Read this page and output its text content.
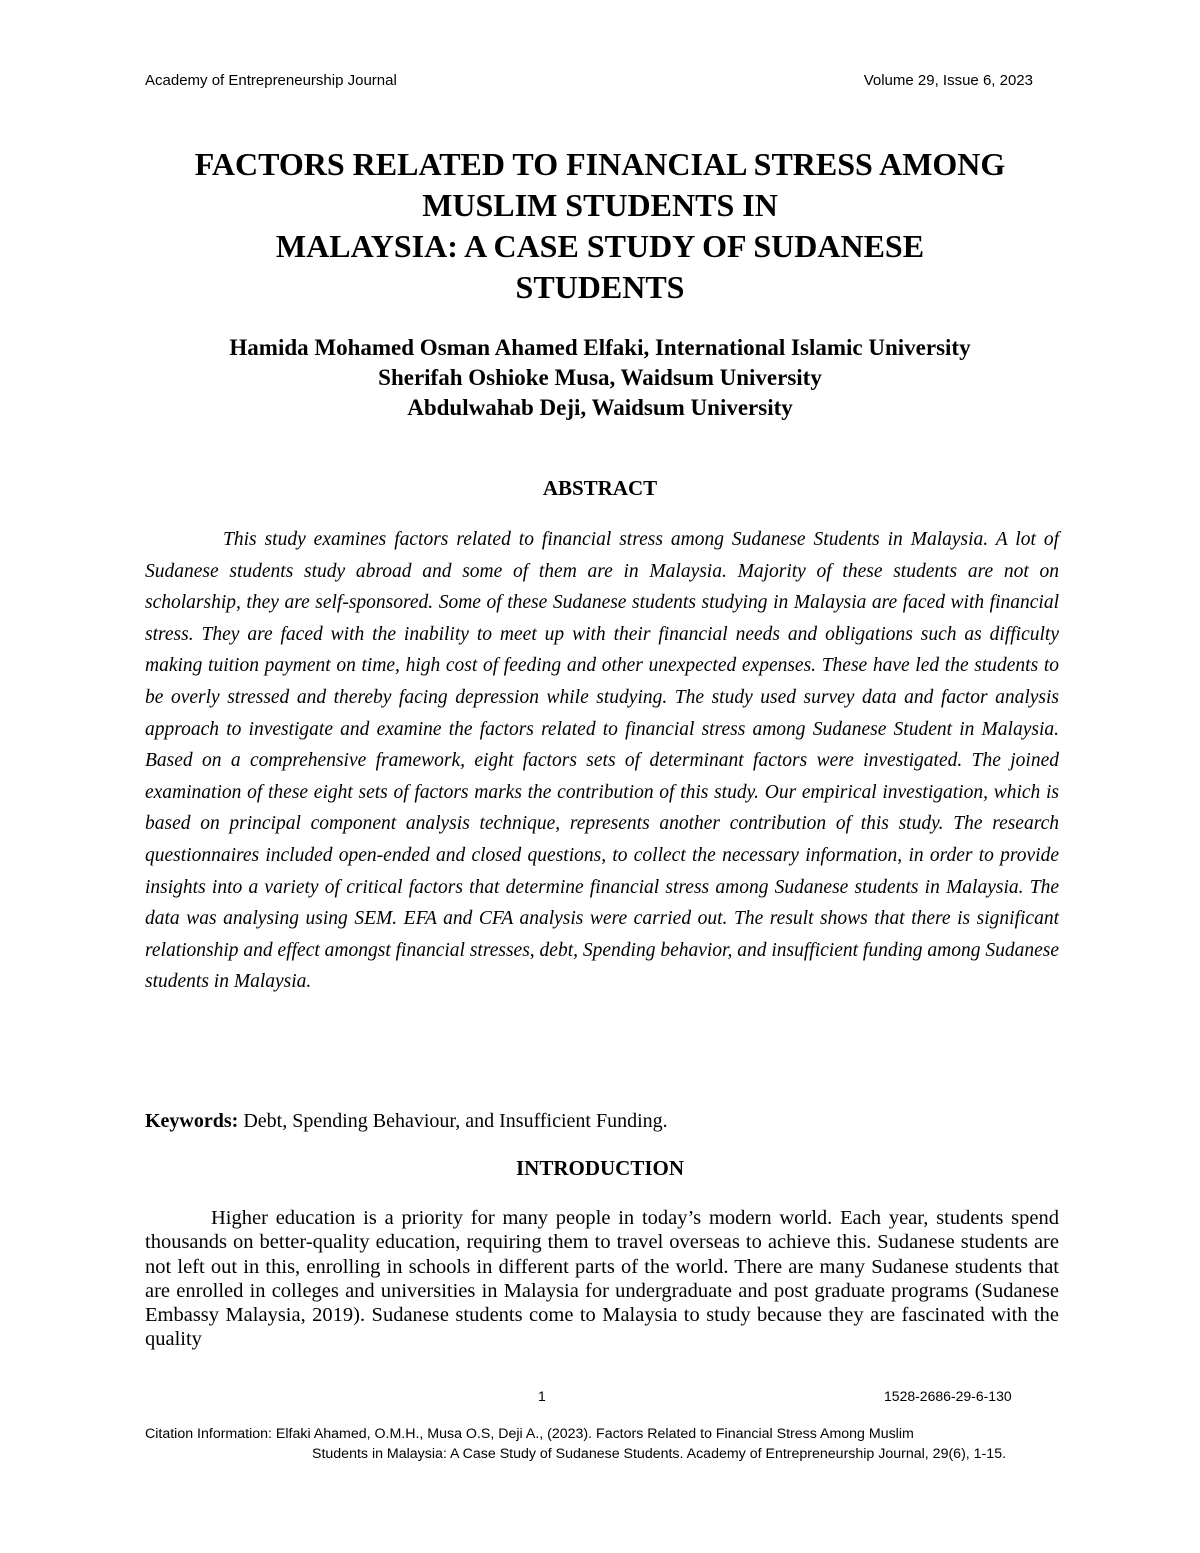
Academy of Entrepreneurship Journal	Volume 29, Issue 6, 2023
FACTORS RELATED TO FINANCIAL STRESS AMONG
MUSLIM STUDENTS IN
MALAYSIA: A CASE STUDY OF SUDANESE
STUDENTS
Hamida Mohamed Osman Ahamed Elfaki, International Islamic University
Sherifah Oshioke Musa, Waidsum University
Abdulwahab Deji, Waidsum University
ABSTRACT

This study examines factors related to financial stress among Sudanese Students in Malaysia. A lot of Sudanese students study abroad and some of them are in Malaysia. Majority of these students are not on scholarship, they are self-sponsored. Some of these Sudanese students studying in Malaysia are faced with financial stress. They are faced with the inability to meet up with their financial needs and obligations such as difficulty making tuition payment on time, high cost of feeding and other unexpected expenses. These have led the students to be overly stressed and thereby facing depression while studying. The study used survey data and factor analysis approach to investigate and examine the factors related to financial stress among Sudanese Student in Malaysia. Based on a comprehensive framework, eight factors sets of determinant factors were investigated. The joined examination of these eight sets of factors marks the contribution of this study. Our empirical investigation, which is based on principal component analysis technique, represents another contribution of this study. The research questionnaires included open-ended and closed questions, to collect the necessary information, in order to provide insights into a variety of critical factors that determine financial stress among Sudanese students in Malaysia. The data was analysing using SEM. EFA and CFA analysis were carried out. The result shows that there is significant relationship and effect amongst financial stresses, debt, Spending behavior, and insufficient funding among Sudanese students in Malaysia.

Keywords: Debt, Spending Behaviour, and Insufficient Funding.
INTRODUCTION

Higher education is a priority for many people in today’s modern world. Each year, students spend thousands on better-quality education, requiring them to travel overseas to achieve this. Sudanese students are not left out in this, enrolling in schools in different parts of the world. There are many Sudanese students that are enrolled in colleges and universities in Malaysia for undergraduate and post graduate programs (Sudanese Embassy Malaysia, 2019). Sudanese students come to Malaysia to study because they are fascinated with the quality

1	1528-2686-29-6-130
Citation Information: Elfaki Ahamed, O.M.H., Musa O.S, Deji A., (2023). Factors Related to Financial Stress Among Muslim
Students in Malaysia: A Case Study of Sudanese Students. Academy of Entrepreneurship Journal, 29(6), 1-15.
